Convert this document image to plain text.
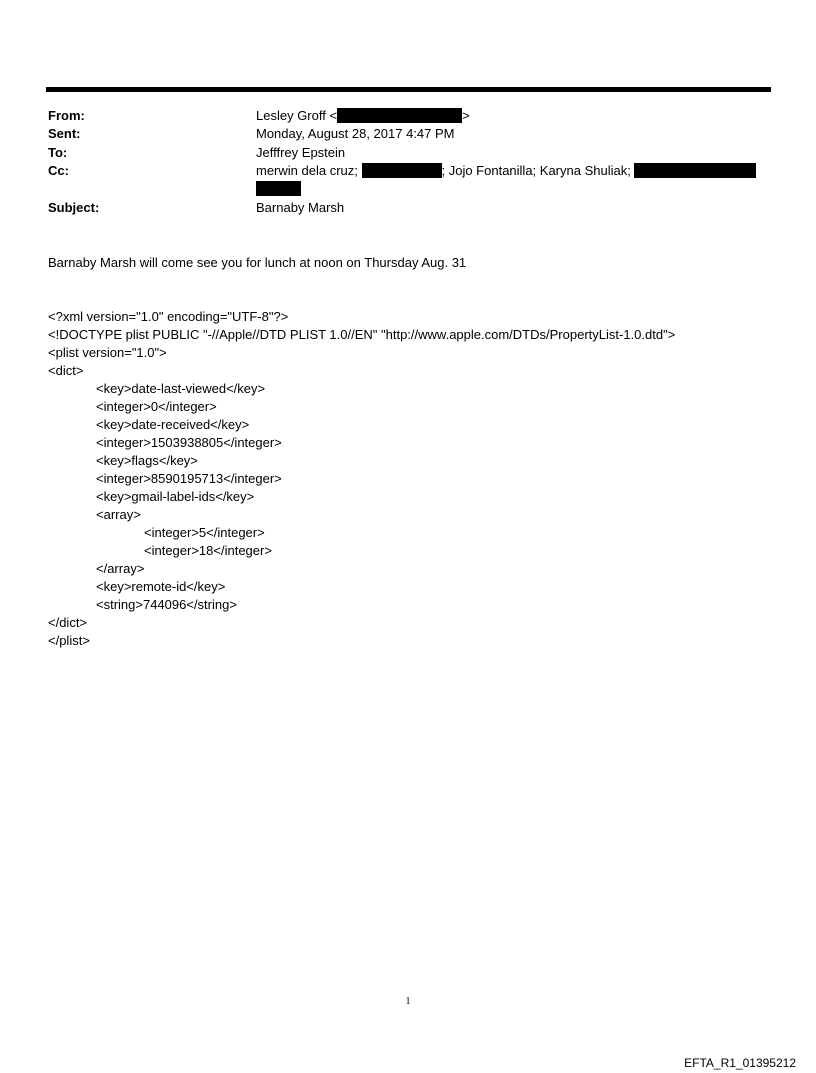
From:	Lesley Groff <	>
Sent:	Monday, August 28, 2017 4:47 PM
To:	Jefffrey Epstein
Cc:	merwin dela cruz;	; Jojo Fontanilla; Karyna Shuliak;
Subject:	Barnaby Marsh
Barnaby Marsh will come see you for lunch at noon on Thursday Aug. 31
<?xml version="1.0" encoding="UTF-8"?>
<!DOCTYPE plist PUBLIC "-//Apple//DTD PLIST 1.0//EN" "http://www.apple.com/DTDs/PropertyList-1.0.dtd">
<plist version="1.0">
<dict>
<key>date-last-viewed</key>
<integer>0</integer>
<key>date-received</key>
<integer>1503938805</integer>
<key>flags</key>
<integer>8590195713</integer>
<key>gmail-label-ids</key>
<array>
<integer>5</integer>
<integer>18</integer>
</array>
<key>remote-id</key>
<string>744096</string>
</dict>
</plist>
1
EFTA_R1_01395212
